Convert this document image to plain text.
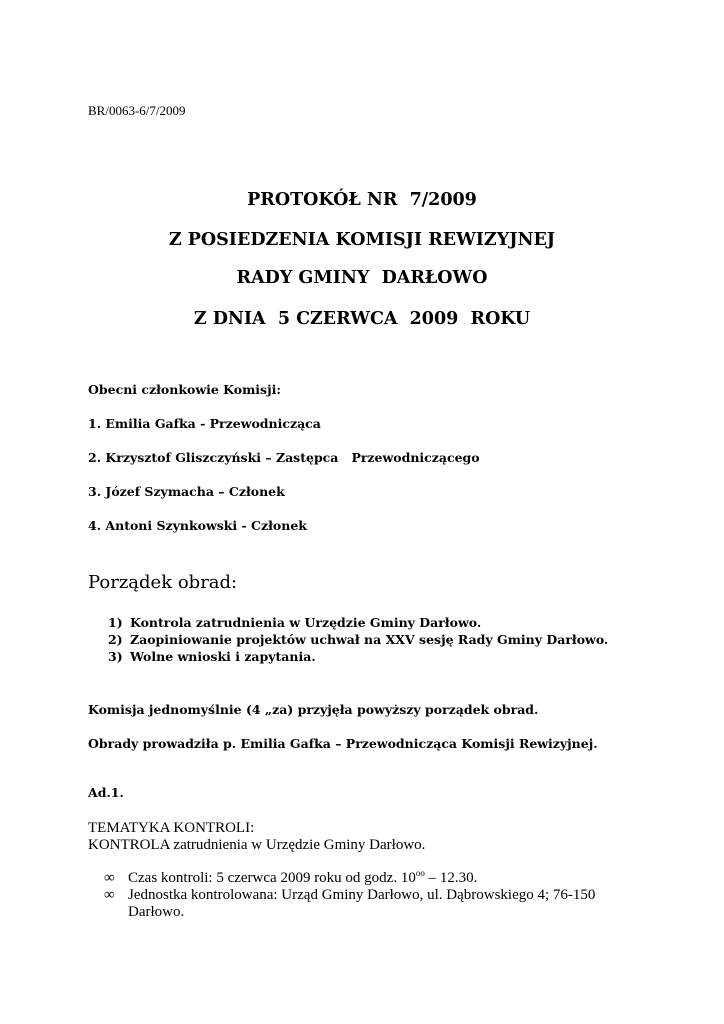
BR/0063-6/7/2009
PROTOKÓŁ NR  7/2009
Z POSIEDZENIA KOMISJI REWIZYJNEJ
RADY GMINY  DARŁOWO
Z DNIA  5 CZERWCA  2009  ROKU
Obecni członkowie Komisji:
1. Emilia Gafka - Przewodnicząca
2. Krzysztof Gliszczyński – Zastępca   Przewodniczącego
3. Józef Szymacha – Członek
4. Antoni Szynkowski - Członek
Porządek obrad:
1) Kontrola zatrudnienia w Urzędzie Gminy Darłowo.
2) Zaopiniowanie projektów uchwał na XXV sesję Rady Gminy Darłowo.
3) Wolne wnioski i zapytania.
Komisja jednomyślnie (4 „za) przyjęła powyższy porządek obrad.
Obrady prowadziła p. Emilia Gafka – Przewodnicząca Komisji Rewizyjnej.
Ad.1.
TEMATYKA KONTROLI:
KONTROLA zatrudnienia w Urzędzie Gminy Darłowo.
∞ Czas kontroli: 5 czerwca 2009 roku od godz. $10^{oo} - 12.30$.
∞ Jednostka kontrolowana: Urząd Gminy Darłowo, ul. Dąbrowskiego 4; 76-150 Darłowo.
